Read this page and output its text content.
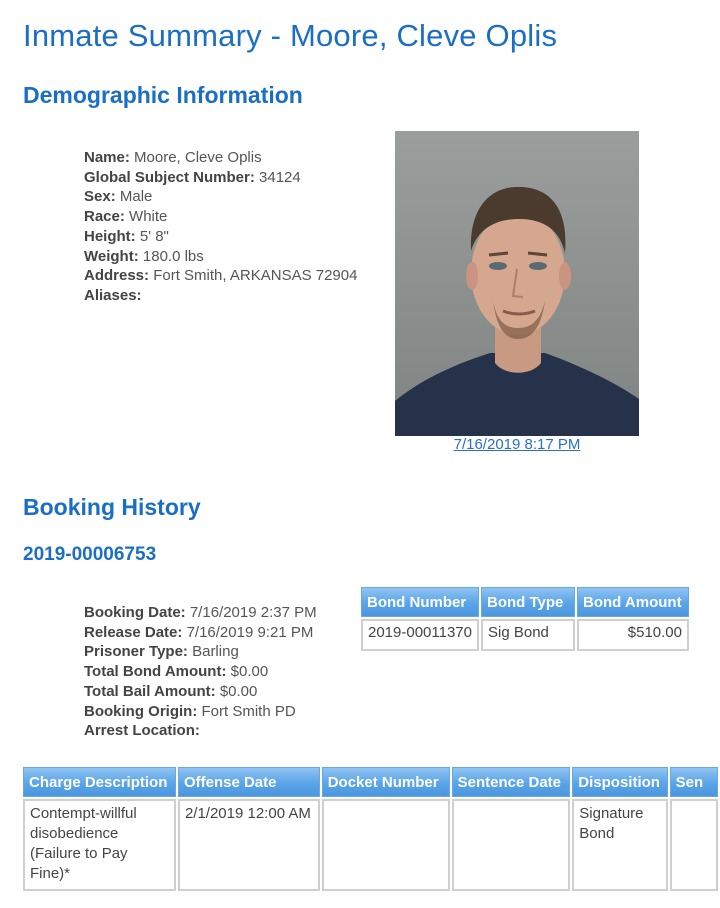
Inmate Summary - Moore, Cleve Oplis
Demographic Information
Name: Moore, Cleve Oplis
Global Subject Number: 34124
Sex: Male
Race: White
Height: 5' 8"
Weight: 180.0 lbs
Address: Fort Smith, ARKANSAS 72904
Aliases:
7/16/2019 8:17 PM
Booking History
2019-00006753
Booking Date: 7/16/2019 2:37 PM
Release Date: 7/16/2019 9:21 PM
Prisoner Type: Barling
Total Bond Amount: $0.00
Total Bail Amount: $0.00
Booking Origin: Fort Smith PD
Arrest Location:
Bond Number	Bond Type	Bond Amount
2019-00011370	Sig Bond	$510.00
Charge Description	Offense Date	Docket Number	Sentence Date	Disposition	Sen
Contempt-willful disobedience (Failure to Pay Fine)*	2/1/2019 12:00 AM			Signature Bond	
